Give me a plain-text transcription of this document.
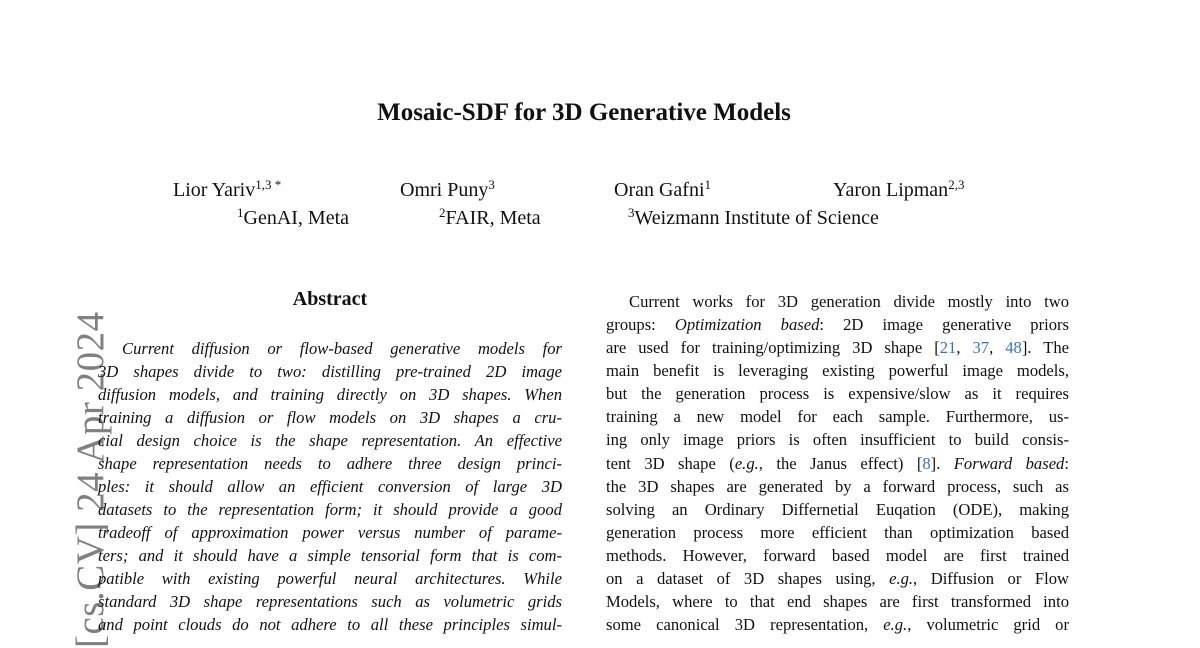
[cs.CV] 24 Apr 2024
Mosaic-SDF for 3D Generative Models
Lior Yariv$^{1,3 *}$	Omri Puny$^3$	Oran Gafni$^1$	Yaron Lipman$^{2,3}$
$^1$GenAI, Meta	$^2$FAIR, Meta	$^3$Weizmann Institute of Science
Abstract
Current diffusion or flow-based generative models for
3D shapes divide to two: distilling pre-trained 2D image
diffusion models, and training directly on 3D shapes. When
training a diffusion or flow models on 3D shapes a cru-
cial design choice is the shape representation. An effective
shape representation needs to adhere three design princi-
ples: it should allow an efficient conversion of large 3D
datasets to the representation form; it should provide a good
tradeoff of approximation power versus number of parame-
ters; and it should have a simple tensorial form that is com-
patible with existing powerful neural architectures. While
standard 3D shape representations such as volumetric grids
and point clouds do not adhere to all these principles simul-
Current works for 3D generation divide mostly into two
groups: Optimization based: 2D image generative priors
are used for training/optimizing 3D shape [21, 37, 48]. The
main benefit is leveraging existing powerful image models,
but the generation process is expensive/slow as it requires
training a new model for each sample. Furthermore, us-
ing only image priors is often insufficient to build consis-
tent 3D shape (e.g., the Janus effect) [8]. Forward based:
the 3D shapes are generated by a forward process, such as
solving an Ordinary Differnetial Euqation (ODE), making
generation process more efficient than optimization based
methods. However, forward based model are first trained
on a dataset of 3D shapes using, e.g., Diffusion or Flow
Models, where to that end shapes are first transformed into
some canonical 3D representation, e.g., volumetric grid or
